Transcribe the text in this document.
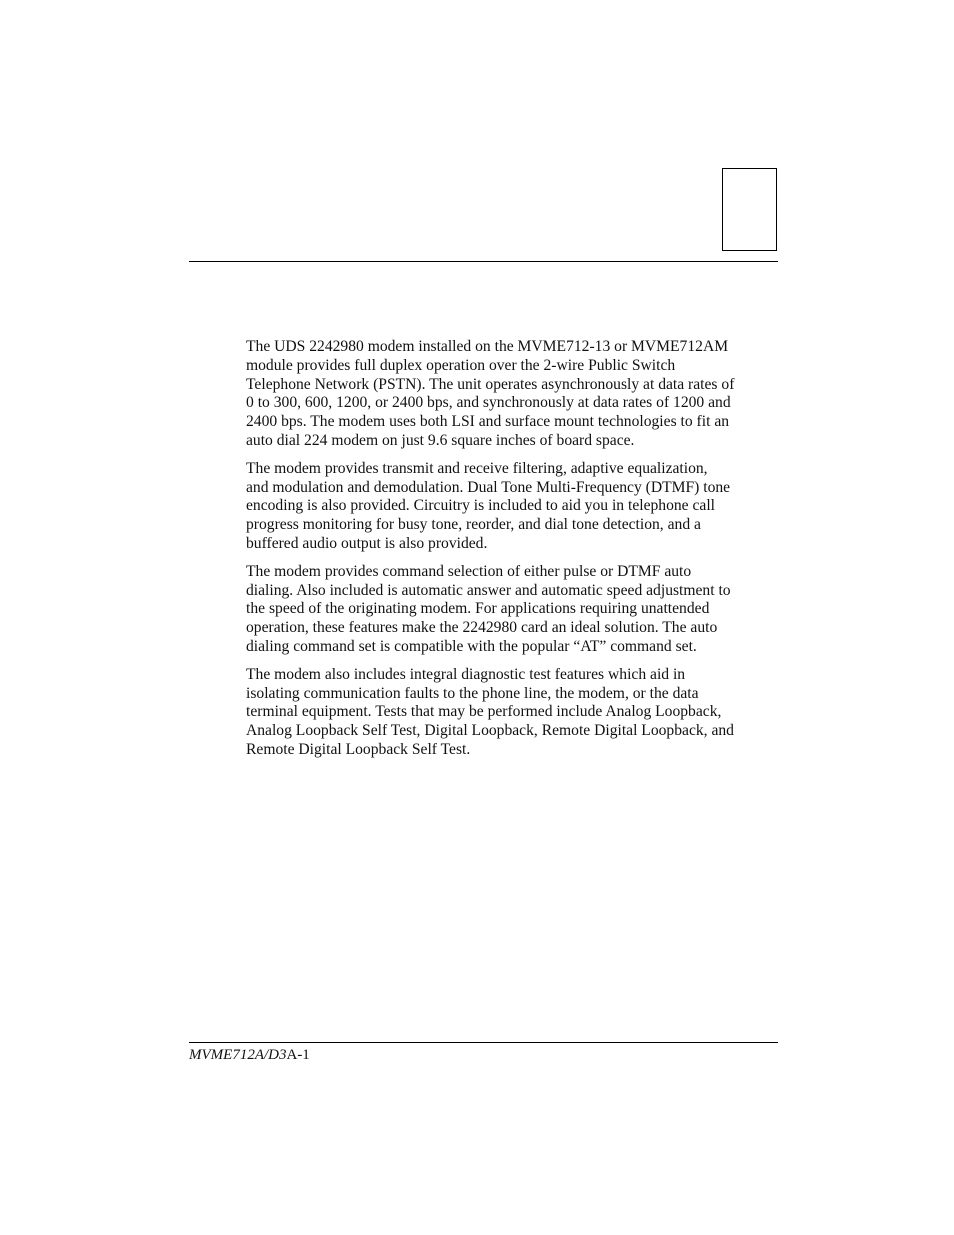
The UDS 2242980 modem installed on the MVME712-13 or MVME712AM
module provides full duplex operation over the 2-wire Public Switch
Telephone Network (PSTN). The unit operates asynchronously at data rates of
0 to 300, 600, 1200, or 2400 bps, and synchronously at data rates of 1200 and
2400 bps. The modem uses both LSI and surface mount technologies to fit an
auto dial 224 modem on just 9.6 square inches of board space.

The modem provides transmit and receive filtering, adaptive equalization,
and modulation and demodulation. Dual Tone Multi-Frequency (DTMF) tone
encoding is also provided. Circuitry is included to aid you in telephone call
progress monitoring for busy tone, reorder, and dial tone detection, and a
buffered audio output is also provided.

The modem provides command selection of either pulse or DTMF auto
dialing. Also included is automatic answer and automatic speed adjustment to
the speed of the originating modem. For applications requiring unattended
operation, these features make the 2242980 card an ideal solution. The auto
dialing command set is compatible with the popular “AT” command set.

The modem also includes integral diagnostic test features which aid in
isolating communication faults to the phone line, the modem, or the data
terminal equipment. Tests that may be performed include Analog Loopback,
Analog Loopback Self Test, Digital Loopback, Remote Digital Loopback, and
Remote Digital Loopback Self Test.

MVME712A/D3A-1
